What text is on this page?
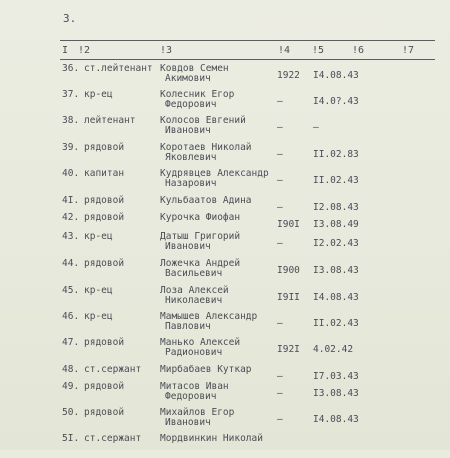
3.
I !2	!3	!4 !5	!6	!7
36. ст.лейтенант Ковдов Семен
Акимович	1922 I4.08.43
37. кр-ец	Колесник Егор
Федорович	–	I4.0?.43
38. лейтенант	Колосов Евгений
Иванович	–	–
39. рядовой	Коротаев Николай
Яковлевич	–	II.02.83
40. капитан	Кудрявцев Александр
Назарович	–	II.02.43
4I. рядовой	Кульбаатов Адина
–	I2.08.43
42. рядовой	Курочка Фиофан
I90I I3.08.49
43. кр-ец	Датыш Григорий
Иванович	–	I2.02.43
44. рядовой	Ложечка Андрей
Васильевич	I900 I3.08.43
45. кр-ец	Лоза Алексей
Николаевич	I9II I4.08.43
46. кр-ец	Мамышев Александр
Павлович	–	II.02.43
47. рядовой	Манько Алексей
Радионович	I92I 4.02.42
48. ст.сержант Мирбабаев Куткар
–	I7.03.43
49. рядовой	Митасов Иван
Федорович	–	I3.08.43
50. рядовой	Михайлов Егор
Иванович	–	I4.08.43
5I. ст.сержант Мордвинкин Николай
